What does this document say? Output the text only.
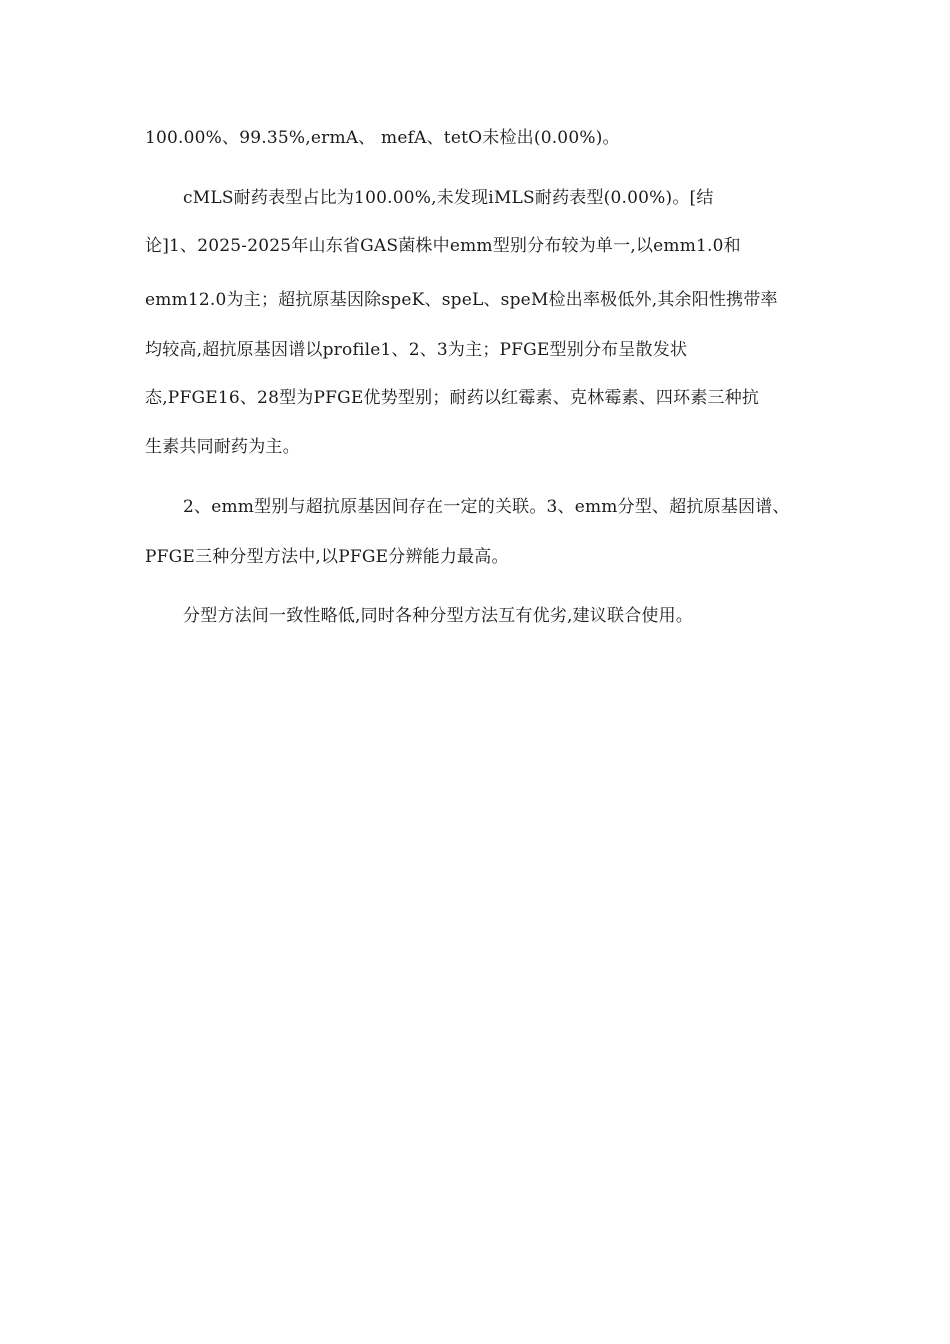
100.00%、99.35%,ermA、 mefA、tetO未检出(0.00%)。
cMLS耐药表型占比为100.00%,未发现iMLS耐药表型(0.00%)。[结
论]1、2025-2025年山东省GAS菌株中emm型别分布较为单一,以emm1.0和
emm12.0为主；超抗原基因除speK、speL、speM检出率极低外,其余阳性携带率
均较高,超抗原基因谱以profile1、2、3为主；PFGE型别分布呈散发状
态,PFGE16、28型为PFGE优势型别；耐药以红霉素、克林霉素、四环素三种抗
生素共同耐药为主。
2、emm型别与超抗原基因间存在一定的关联。3、emm分型、超抗原基因谱、
PFGE三种分型方法中,以PFGE分辨能力最高。
分型方法间一致性略低,同时各种分型方法互有优劣,建议联合使用。
